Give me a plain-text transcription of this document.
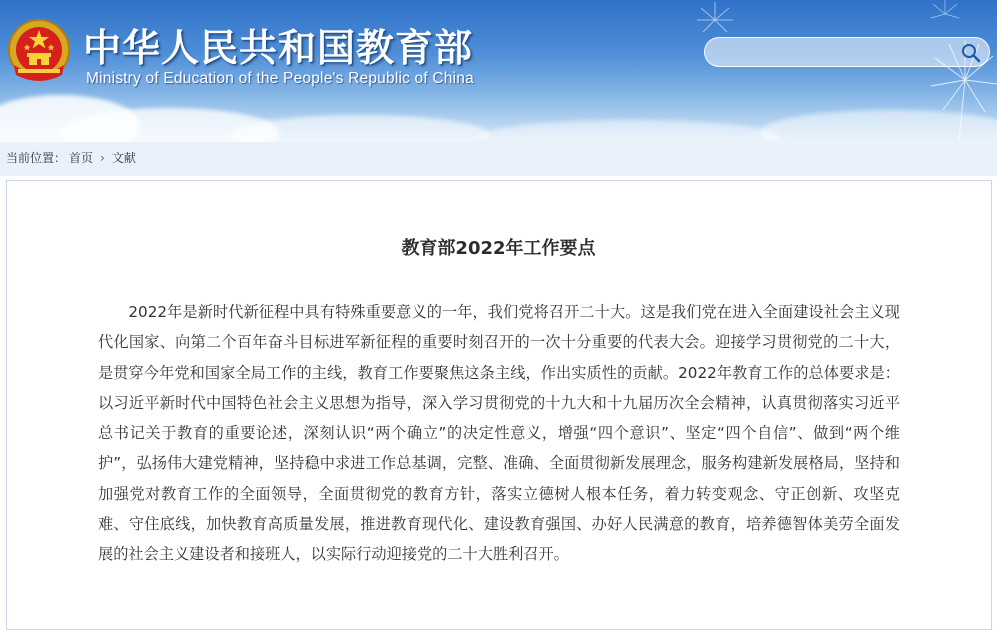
中华人民共和国教育部
Ministry of Education of the People's Republic of China
当前位置： 首页 › 文献
教育部2022年工作要点

2022年是新时代新征程中具有特殊重要意义的一年，我们党将召开二十大。这是我们党在进入全面建设社会主义现代化国家、向第二个百年奋斗目标进军新征程的重要时刻召开的一次十分重要的代表大会。迎接学习贯彻党的二十大，是贯穿今年党和国家全局工作的主线，教育工作要聚焦这条主线，作出实质性的贡献。2022年教育工作的总体要求是：以习近平新时代中国特色社会主义思想为指导，深入学习贯彻党的十九大和十九届历次全会精神，认真贯彻落实习近平总书记关于教育的重要论述，深刻认识“两个确立”的决定性意义，增强“四个意识”、坚定“四个自信”、做到“两个维护”，弘扬伟大建党精神，坚持稳中求进工作总基调，完整、准确、全面贯彻新发展理念，服务构建新发展格局，坚持和加强党对教育工作的全面领导，全面贯彻党的教育方针，落实立德树人根本任务，着力转变观念、守正创新、攻坚克难、守住底线，加快教育高质量发展，推进教育现代化、建设教育强国、办好人民满意的教育，培养德智体美劳全面发展的社会主义建设者和接班人，以实际行动迎接党的二十大胜利召开。
